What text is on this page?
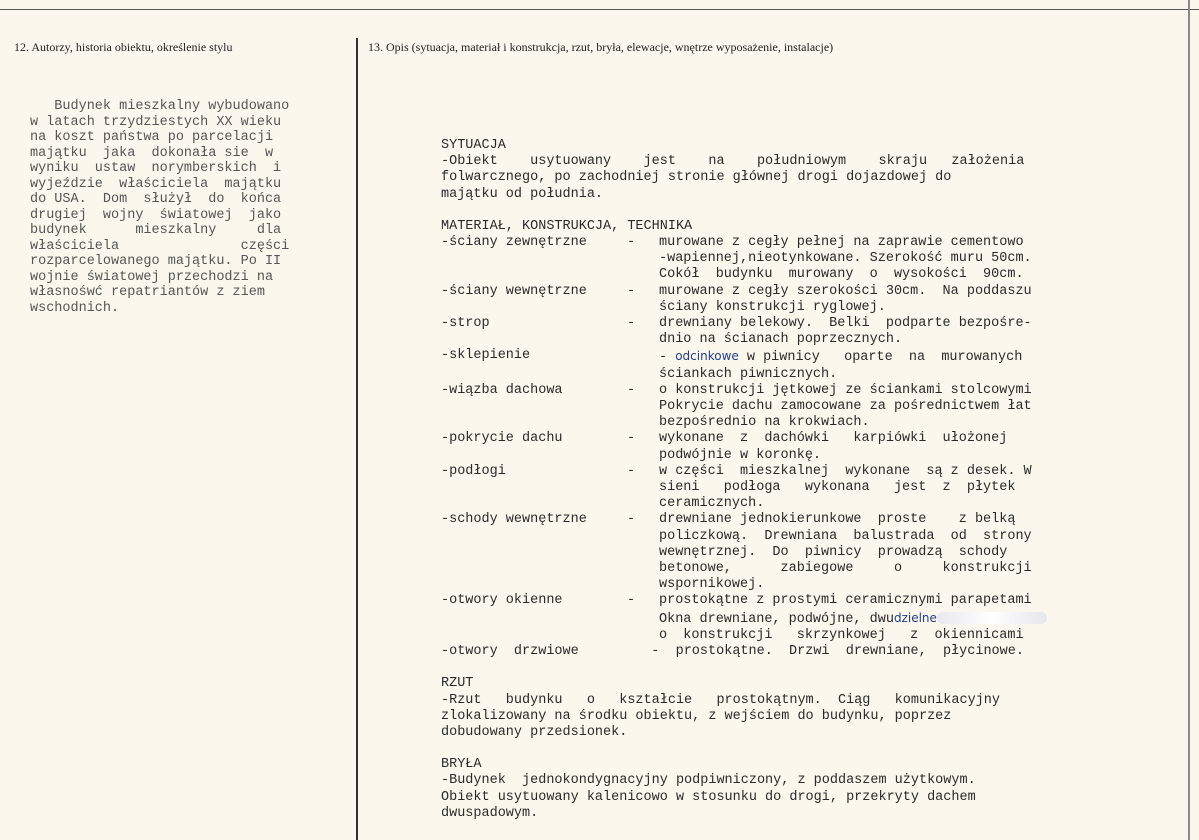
12. Autorzy, historia obiektu, określenie stylu	13. Opis (sytuacja, materiał i konstrukcja, rzut, bryła, elewacje, wnętrze wyposażenie, instalacje)
Budynek mieszkalny wybudowano
w latach trzydziestych XX wieku
na koszt państwa po parcelacji
majątku  jaka  dokonała sie  w
wyniku  ustaw  norymberskich  i
wyjeździe  właściciela  majątku
do USA.  Dom  służył  do  końca
drugiej  wojny  światowej  jako
budynek      mieszkalny     dla
właściciela               części
rozparcelowanego majątku. Po II
wojnie światowej przechodzi na
własnośwć repatriantów z ziem
wschodnich.
SYTUACJA
-Obiekt    usytuowany    jest    na    południowym    skraju   założenia
folwarcznego, po zachodniej stronie głównej drogi dojazdowej do
majątku od południa.
MATERIAŁ, KONSTRUKCJA, TECHNIKA
-ściany zewnętrzne	-	murowane z cegły pełnej na zaprawie cementowo
-wapiennej,nieotynkowane. Szerokość muru 50cm.
Cokół  budynku  murowany  o  wysokości  90cm.
-ściany wewnętrzne	-	murowane z cegły szerokości 30cm.  Na poddaszu
ściany konstrukcji ryglowej.
-strop	-	drewniany belekowy.  Belki  podparte bezpośre-
dnio na ścianach poprzecznych.
-sklepienie	- odcinkowe w piwnicy   oparte  na  murowanych
ściankach piwnicznych.
-wiązba dachowa	-	o konstrukcji jętkowej ze ściankami stolcowymi
Pokrycie dachu zamocowane za pośrednictwem łat
bezpośrednio na krokwiach.
-pokrycie dachu	-	wykonane  z  dachówki   karpiówki  ułożonej
podwójnie w koronkę.
-podłogi	-	w części  mieszkalnej  wykonane  są z desek. W
sieni   podłoga   wykonana   jest  z  płytek
ceramicznych.
-schody wewnętrzne	-	drewniane jednokierunkowe  proste    z belką
policzkową.  Drewniana  balustrada  od  strony
wewnętrznej.  Do  piwnicy  prowadzą  schody
betonowe,      zabiegowe     o     konstrukcji
wspornikowej.
-otwory okienne	-	prostokątne z prostymi ceramicznymi parapetami
Okna drewniane, podwójne, dwudzielne
o  konstrukcji   skrzynkowej   z  okiennicami
-otwory  drzwiowe	-  prostokątne.  Drzwi  drewniane,  płycinowe.
RZUT
-Rzut   budynku   o   kształcie   prostokątnym.  Ciąg   komunikacyjny
zlokalizowany na środku obiektu, z wejściem do budynku, poprzez
dobudowany przedsionek.
BRYŁA
-Budynek  jednokondygnacyjny podpiwniczony, z poddaszem użytkowym.
Obiekt usytuowany kalenicowo w stosunku do drogi, przekryty dachem
dwuspadowym.
